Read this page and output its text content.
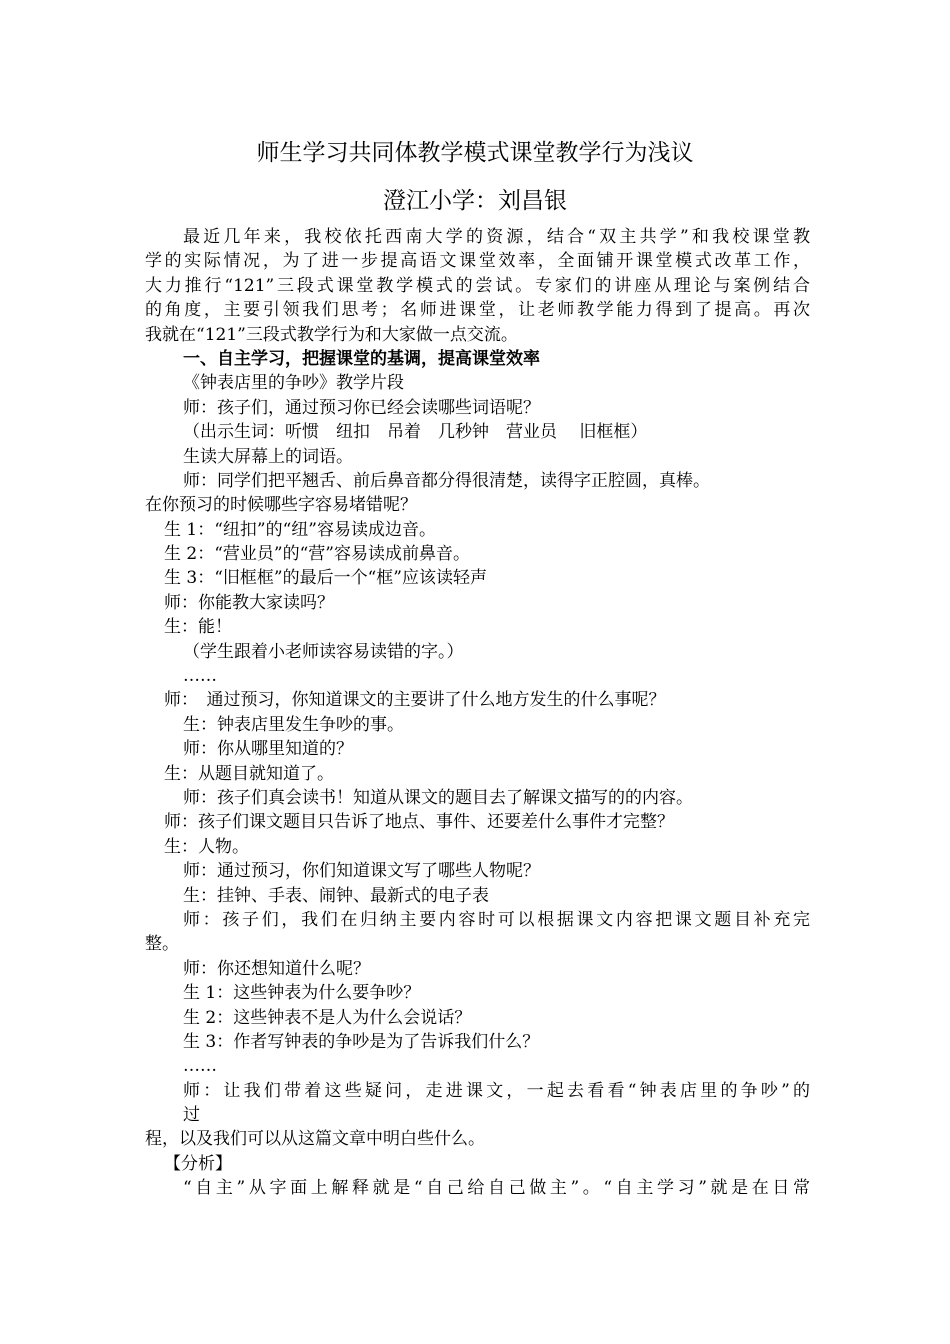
师生学习共同体教学模式课堂教学行为浅议
澄江小学：刘昌银
最近几年来，我校依托西南大学的资源，结合“双主共学”和我校课堂教
学的实际情况，为了进一步提高语文课堂效率，全面铺开课堂模式改革工作，
大力推行“121”三段式课堂教学模式的尝试。专家们的讲座从理论与案例结合
的角度，主要引领我们思考；名师进课堂，让老师教学能力得到了提高。再次
我就在“121”三段式教学行为和大家做一点交流。
一、自主学习，把握课堂的基调，提高课堂效率
《钟表店里的争吵》教学片段
师：孩子们，通过预习你已经会读哪些词语呢？
（出示生词：听惯　纽扣　吊着　几秒钟　营业员　 旧框框）
生读大屏幕上的词语。
师：同学们把平翘舌、前后鼻音都分得很清楚，读得字正腔圆，真棒。
在你预习的时候哪些字容易堵错呢？
生 1：“纽扣”的“纽”容易读成边音。
生 2：“营业员”的“营”容易读成前鼻音。
生 3：“旧框框”的最后一个“框”应该读轻声
师：你能教大家读吗？
生：能！
（学生跟着小老师读容易读错的字。）
……
师：　通过预习，你知道课文的主要讲了什么地方发生的什么事呢？
生：钟表店里发生争吵的事。
师：你从哪里知道的？
生：从题目就知道了。
师：孩子们真会读书！知道从课文的题目去了解课文描写的的内容。
师：孩子们课文题目只告诉了地点、事件、还要差什么事件才完整？
生：人物。
师：通过预习，你们知道课文写了哪些人物呢？
生：挂钟、手表、闹钟、最新式的电子表
师：孩子们，我们在归纳主要内容时可以根据课文内容把课文题目补充完
整。
师：你还想知道什么呢？
生 1：这些钟表为什么要争吵？
生 2：这些钟表不是人为什么会说话？
生 3：作者写钟表的争吵是为了告诉我们什么？
……
师：让我们带着这些疑问，走进课文，一起去看看“钟表店里的争吵”的
过
程，以及我们可以从这篇文章中明白些什么。
【分析】
“自主”从字面上解释就是“自己给自己做主”。“自主学习”就是在日常
